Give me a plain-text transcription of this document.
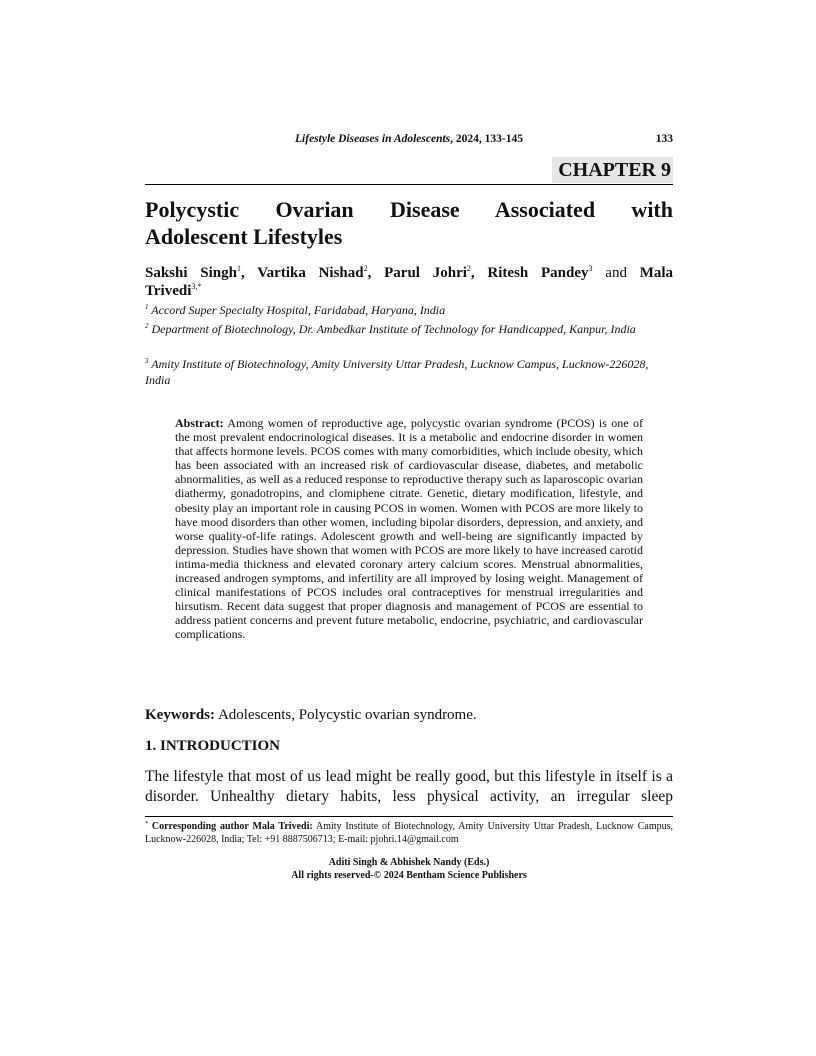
Lifestyle Diseases in Adolescents, 2024, 133-145	133
CHAPTER 9
Polycystic Ovarian Disease Associated with
Adolescent Lifestyles
Sakshi Singh$^1$, Vartika Nishad$^2$, Parul Johri$^2$, Ritesh Pandey$^3$ and Mala
Trivedi$^{3,*}$
$^1$ Accord Super Specialty Hospital, Faridabad, Haryana, India
$^2$ Department of Biotechnology, Dr. Ambedkar Institute of Technology for Handicapped, Kanpur, India
$^3$ Amity Institute of Biotechnology, Amity University Uttar Pradesh, Lucknow Campus, Lucknow-226028, India
Abstract: Among women of reproductive age, polycystic ovarian syndrome (PCOS) is one of the most prevalent endocrinological diseases. It is a metabolic and endocrine disorder in women that affects hormone levels. PCOS comes with many comorbidities, which include obesity, which has been associated with an increased risk of cardiovascular disease, diabetes, and metabolic abnormalities, as well as a reduced response to reproductive therapy such as laparoscopic ovarian diathermy, gonadotropins, and clomiphene citrate. Genetic, dietary modification, lifestyle, and obesity play an important role in causing PCOS in women. Women with PCOS are more likely to have mood disorders than other women, including bipolar disorders, depression, and anxiety, and worse quality-of-life ratings. Adolescent growth and well-being are significantly impacted by depression. Studies have shown that women with PCOS are more likely to have increased carotid intima-media thickness and elevated coronary artery calcium scores. Menstrual abnormalities, increased androgen symptoms, and infertility are all improved by losing weight. Management of clinical manifestations of PCOS includes oral contraceptives for menstrual irregularities and hirsutism. Recent data suggest that proper diagnosis and management of PCOS are essential to address patient concerns and prevent future metabolic, endocrine, psychiatric, and cardiovascular complications.
Keywords: Adolescents, Polycystic ovarian syndrome.
1. INTRODUCTION
The lifestyle that most of us lead might be really good, but this lifestyle in itself is a disorder. Unhealthy dietary habits, less physical activity, an irregular sleep
* Corresponding author Mala Trivedi: Amity Institute of Biotechnology, Amity University Uttar Pradesh, Lucknow Campus, Lucknow-226028, India; Tel: +91 8887506713; E-mail: pjohri.14@gmail.com
Aditi Singh & Abhishek Nandy (Eds.)
All rights reserved-© 2024 Bentham Science Publishers
